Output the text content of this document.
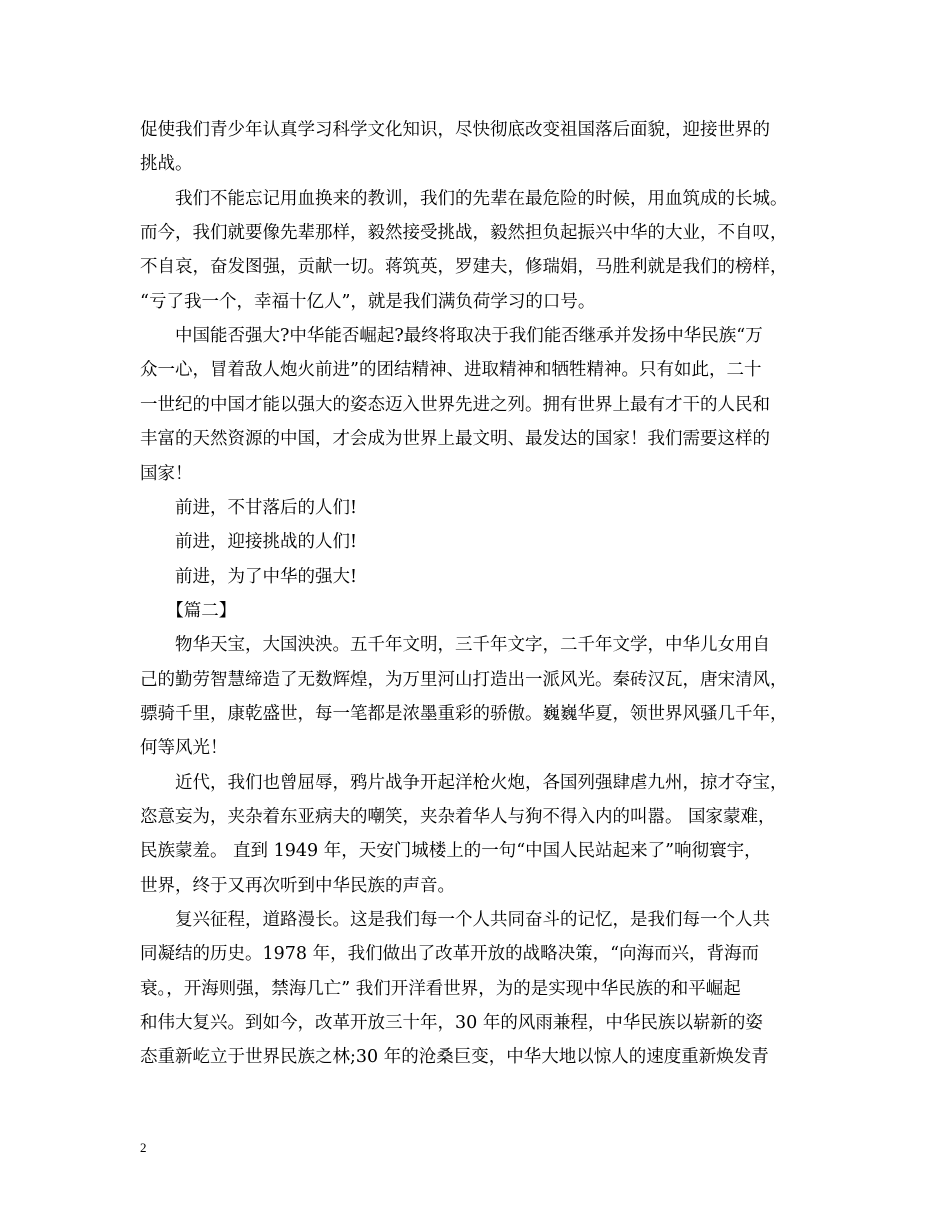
促使我们青少年认真学习科学文化知识，尽快彻底改变祖国落后面貌，迎接世界的
挑战。
　　我们不能忘记用血换来的教训，我们的先辈在最危险的时候，用血筑成的长城。
而今，我们就要像先辈那样，毅然接受挑战，毅然担负起振兴中华的大业，不自叹，
不自哀，奋发图强，贡献一切。蒋筑英，罗建夫，修瑞娟，马胜利就是我们的榜样，
“亏了我一个，幸福十亿人”，就是我们满负荷学习的口号。
　　中国能否强大?中华能否崛起?最终将取决于我们能否继承并发扬中华民族“万
众一心，冒着敌人炮火前进”的团结精神、进取精神和牺牲精神。只有如此，二十
一世纪的中国才能以强大的姿态迈入世界先进之列。拥有世界上最有才干的人民和
丰富的天然资源的中国，才会成为世界上最文明、最发达的国家！我们需要这样的
国家！
　　前进，不甘落后的人们!
　　前进，迎接挑战的人们!
　　前进，为了中华的强大!
　　【篇二】
　　物华天宝，大国泱泱。五千年文明，三千年文字，二千年文学，中华儿女用自
己的勤劳智慧缔造了无数辉煌，为万里河山打造出一派风光。秦砖汉瓦，唐宋清风，
骠骑千里，康乾盛世，每一笔都是浓墨重彩的骄傲。巍巍华夏，领世界风骚几千年，
何等风光！
　　近代，我们也曾屈辱，鸦片战争开起洋枪火炮，各国列强肆虐九州，掠才夺宝，
恣意妄为，夹杂着东亚病夫的嘲笑，夹杂着华人与狗不得入内的叫嚣。 国家蒙难，
民族蒙羞。 直到 1949 年，天安门城楼上的一句“中国人民站起来了”响彻寰宇，
世界，终于又再次听到中华民族的声音。
　　复兴征程，道路漫长。这是我们每一个人共同奋斗的记忆，是我们每一个人共
同凝结的历史。1978 年，我们做出了改革开放的战略决策，“向海而兴，背海而
衰。，开海则强，禁海几亡” 我们开洋看世界，为的是实现中华民族的和平崛起
和伟大复兴。到如今，改革开放三十年，30 年的风雨兼程，中华民族以崭新的姿
态重新屹立于世界民族之林;30 年的沧桑巨变，中华大地以惊人的速度重新焕发青
2
